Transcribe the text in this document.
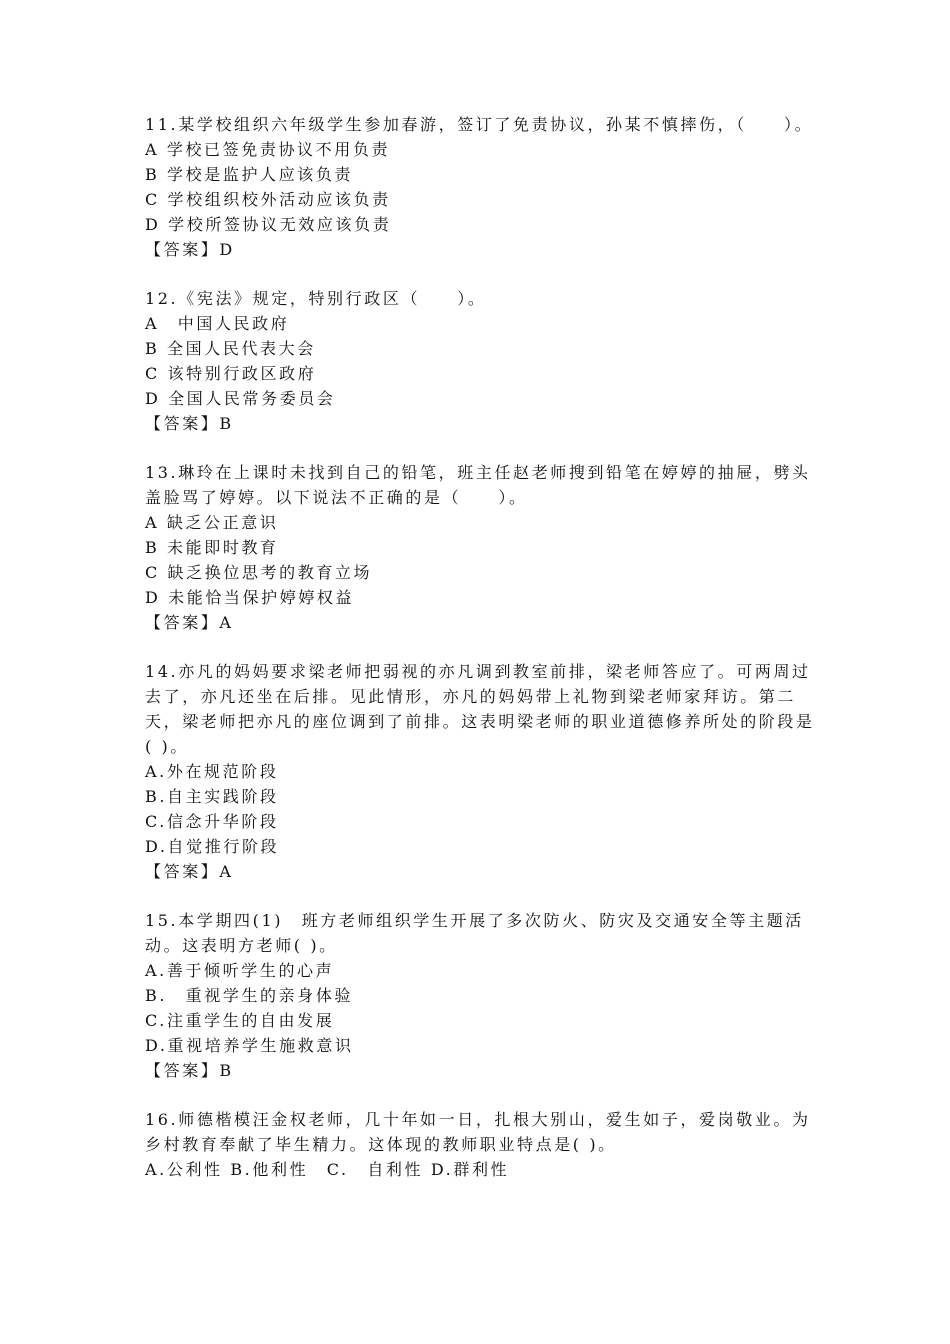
11.某学校组织六年级学生参加春游，签订了免责协议，孙某不慎摔伤，（　　）。
A 学校已签免责协议不用负责
B 学校是监护人应该负责
C 学校组织校外活动应该负责
D 学校所签协议无效应该负责
【答案】D
12.《宪法》规定，特别行政区（　　）。
A　中国人民政府
B 全国人民代表大会
C 该特别行政区政府
D 全国人民常务委员会
【答案】B
13.琳玲在上课时未找到自己的铅笔，班主任赵老师搜到铅笔在婷婷的抽屉，劈头盖脸骂了婷婷。以下说法不正确的是（　　）。
A 缺乏公正意识
B 未能即时教育
C 缺乏换位思考的教育立场
D 未能恰当保护婷婷权益
【答案】A
14.亦凡的妈妈要求梁老师把弱视的亦凡调到教室前排，梁老师答应了。可两周过去了，亦凡还坐在后排。见此情形，亦凡的妈妈带上礼物到梁老师家拜访。第二天，梁老师把亦凡的座位调到了前排。这表明梁老师的职业道德修养所处的阶段是( )。
A.外在规范阶段
B.自主实践阶段
C.信念升华阶段
D.自觉推行阶段
【答案】A
15.本学期四(1)　班方老师组织学生开展了多次防火、防灾及交通安全等主题活动。这表明方老师( )。
A.善于倾听学生的心声
B.　重视学生的亲身体验
C.注重学生的自由发展
D.重视培养学生施救意识
【答案】B
16.师德楷模汪金权老师，几十年如一日，扎根大别山，爱生如子，爱岗敬业。为乡村教育奉献了毕生精力。这体现的教师职业特点是( )。
A.公利性 B.他利性　C.　自利性 D.群利性
